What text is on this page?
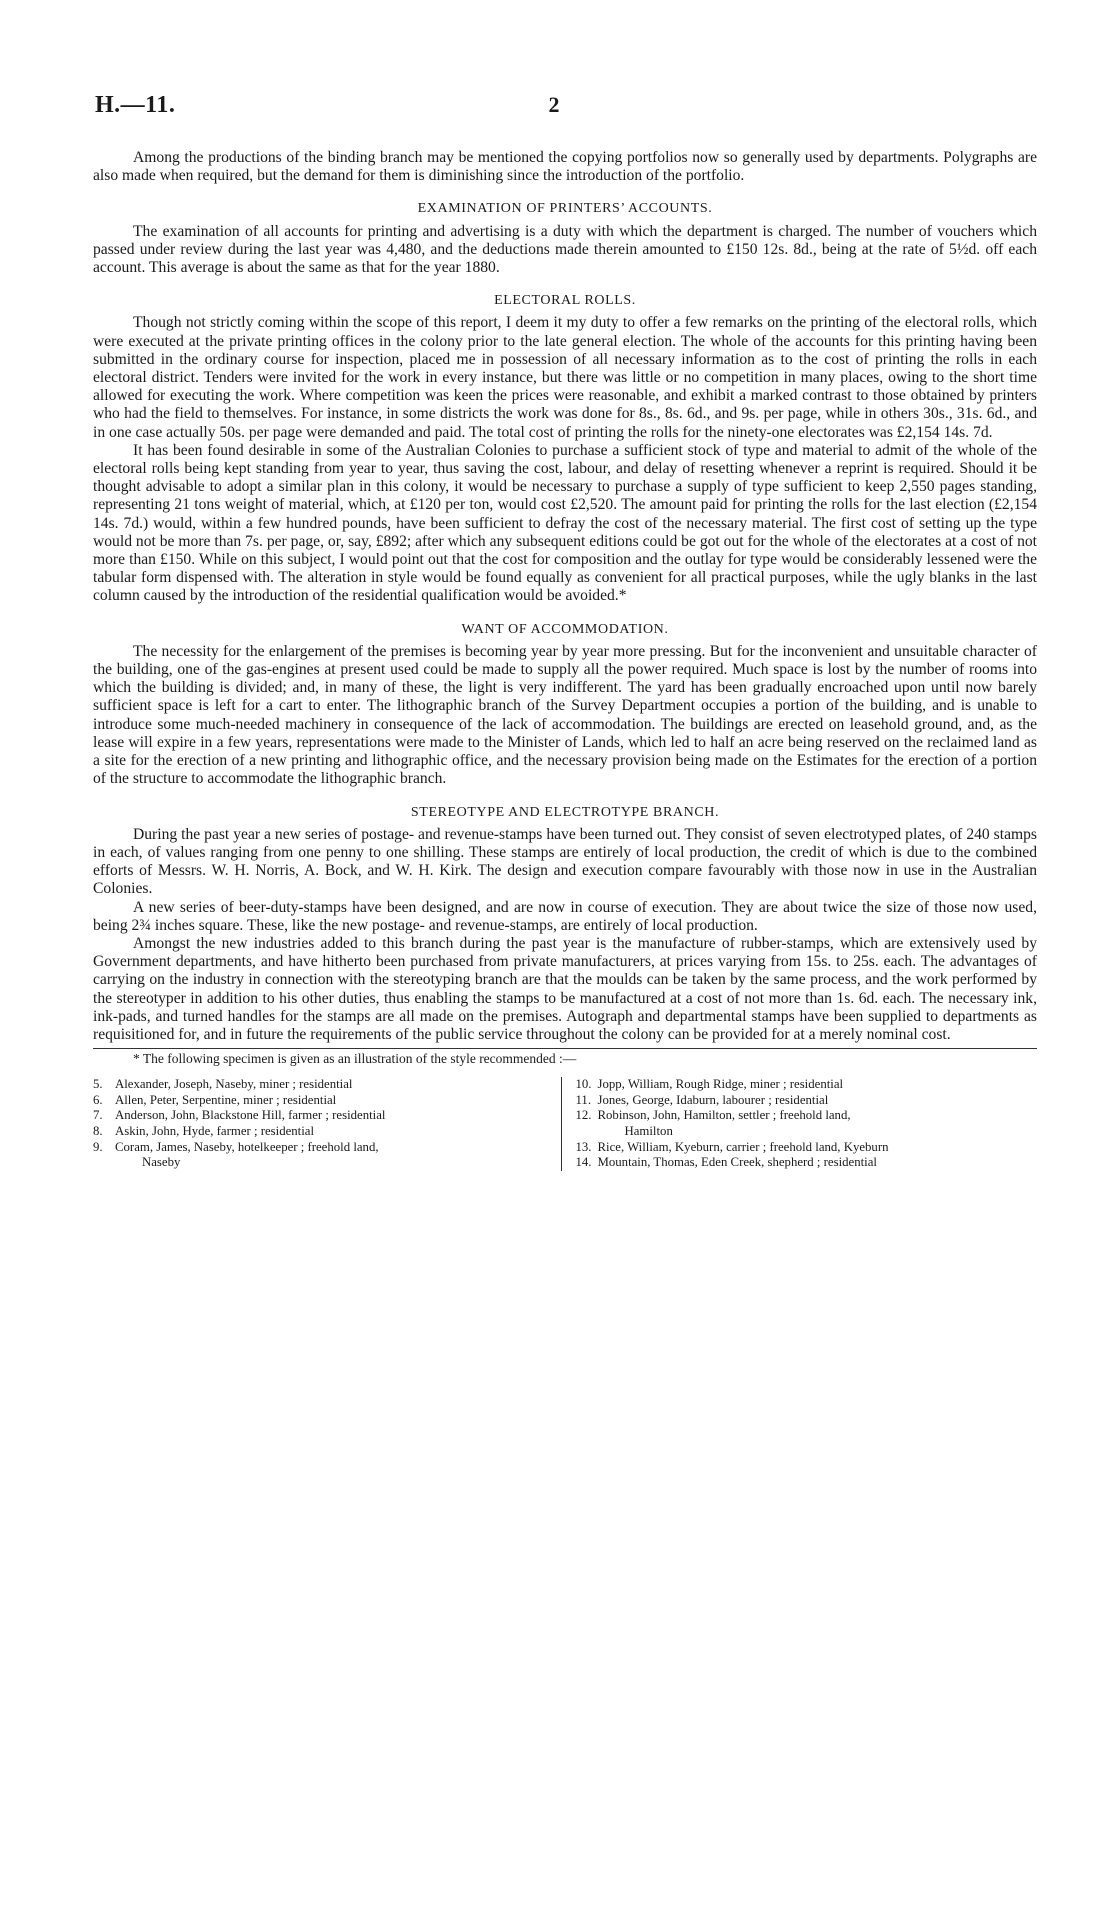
H.—11.	2

Among the productions of the binding branch may be mentioned the copying portfolios now so generally used by departments. Polygraphs are also made when required, but the demand for them is diminishing since the introduction of the portfolio.

EXAMINATION OF PRINTERS’ ACCOUNTS.

The examination of all accounts for printing and advertising is a duty with which the department is charged. The number of vouchers which passed under review during the last year was 4,480, and the deductions made therein amounted to £150 12s. 8d., being at the rate of 5½d. off each account. This average is about the same as that for the year 1880.

ELECTORAL ROLLS.

Though not strictly coming within the scope of this report, I deem it my duty to offer a few remarks on the printing of the electoral rolls, which were executed at the private printing offices in the colony prior to the late general election. The whole of the accounts for this printing having been submitted in the ordinary course for inspection, placed me in possession of all necessary information as to the cost of printing the rolls in each electoral district. Tenders were invited for the work in every instance, but there was little or no competition in many places, owing to the short time allowed for executing the work. Where competition was keen the prices were reasonable, and exhibit a marked contrast to those obtained by printers who had the field to themselves. For instance, in some districts the work was done for 8s., 8s. 6d., and 9s. per page, while in others 30s., 31s. 6d., and in one case actually 50s. per page were demanded and paid. The total cost of printing the rolls for the ninety-one electorates was £2,154 14s. 7d.

It has been found desirable in some of the Australian Colonies to purchase a sufficient stock of type and material to admit of the whole of the electoral rolls being kept standing from year to year, thus saving the cost, labour, and delay of resetting whenever a reprint is required. Should it be thought advisable to adopt a similar plan in this colony, it would be necessary to purchase a supply of type sufficient to keep 2,550 pages standing, representing 21 tons weight of material, which, at £120 per ton, would cost £2,520. The amount paid for printing the rolls for the last election (£2,154 14s. 7d.) would, within a few hundred pounds, have been sufficient to defray the cost of the necessary material. The first cost of setting up the type would not be more than 7s. per page, or, say, £892; after which any subsequent editions could be got out for the whole of the electorates at a cost of not more than £150. While on this subject, I would point out that the cost for composition and the outlay for type would be considerably lessened were the tabular form dispensed with. The alteration in style would be found equally as convenient for all practical purposes, while the ugly blanks in the last column caused by the introduction of the residential qualification would be avoided.*

WANT OF ACCOMMODATION.

The necessity for the enlargement of the premises is becoming year by year more pressing. But for the inconvenient and unsuitable character of the building, one of the gas-engines at present used could be made to supply all the power required. Much space is lost by the number of rooms into which the building is divided; and, in many of these, the light is very indifferent. The yard has been gradually encroached upon until now barely sufficient space is left for a cart to enter. The lithographic branch of the Survey Department occupies a portion of the building, and is unable to introduce some much-needed machinery in consequence of the lack of accommodation. The buildings are erected on leasehold ground, and, as the lease will expire in a few years, representations were made to the Minister of Lands, which led to half an acre being reserved on the reclaimed land as a site for the erection of a new printing and lithographic office, and the necessary provision being made on the Estimates for the erection of a portion of the structure to accommodate the lithographic branch.

STEREOTYPE AND ELECTROTYPE BRANCH.

During the past year a new series of postage- and revenue-stamps have been turned out. They consist of seven electrotyped plates, of 240 stamps in each, of values ranging from one penny to one shilling. These stamps are entirely of local production, the credit of which is due to the combined efforts of Messrs. W. H. Norris, A. Bock, and W. H. Kirk. The design and execution compare favourably with those now in use in the Australian Colonies.

A new series of beer-duty-stamps have been designed, and are now in course of execution. They are about twice the size of those now used, being 2¾ inches square. These, like the new postage- and revenue-stamps, are entirely of local production.

Amongst the new industries added to this branch during the past year is the manufacture of rubber-stamps, which are extensively used by Government departments, and have hitherto been purchased from private manufacturers, at prices varying from 15s. to 25s. each. The advantages of carrying on the industry in connection with the stereotyping branch are that the moulds can be taken by the same process, and the work performed by the stereotyper in addition to his other duties, thus enabling the stamps to be manufactured at a cost of not more than 1s. 6d. each. The necessary ink, ink-pads, and turned handles for the stamps are all made on the premises. Autograph and departmental stamps have been supplied to departments as requisitioned for, and in future the requirements of the public service throughout the colony can be provided for at a merely nominal cost.

* The following specimen is given as an illustration of the style recommended :—

5. Alexander, Joseph, Naseby, miner ; residential
6. Allen, Peter, Serpentine, miner ; residential
7. Anderson, John, Blackstone Hill, farmer ; residential
8. Askin, John, Hyde, farmer ; residential
9. Coram, James, Naseby, hotelkeeper ; freehold land,
Naseby
10. Jopp, William, Rough Ridge, miner ; residential
11. Jones, George, Idaburn, labourer ; residential
12. Robinson, John, Hamilton, settler ; freehold land,
Hamilton
13. Rice, William, Kyeburn, carrier ; freehold land, Kyeburn
14. Mountain, Thomas, Eden Creek, shepherd ; residential
